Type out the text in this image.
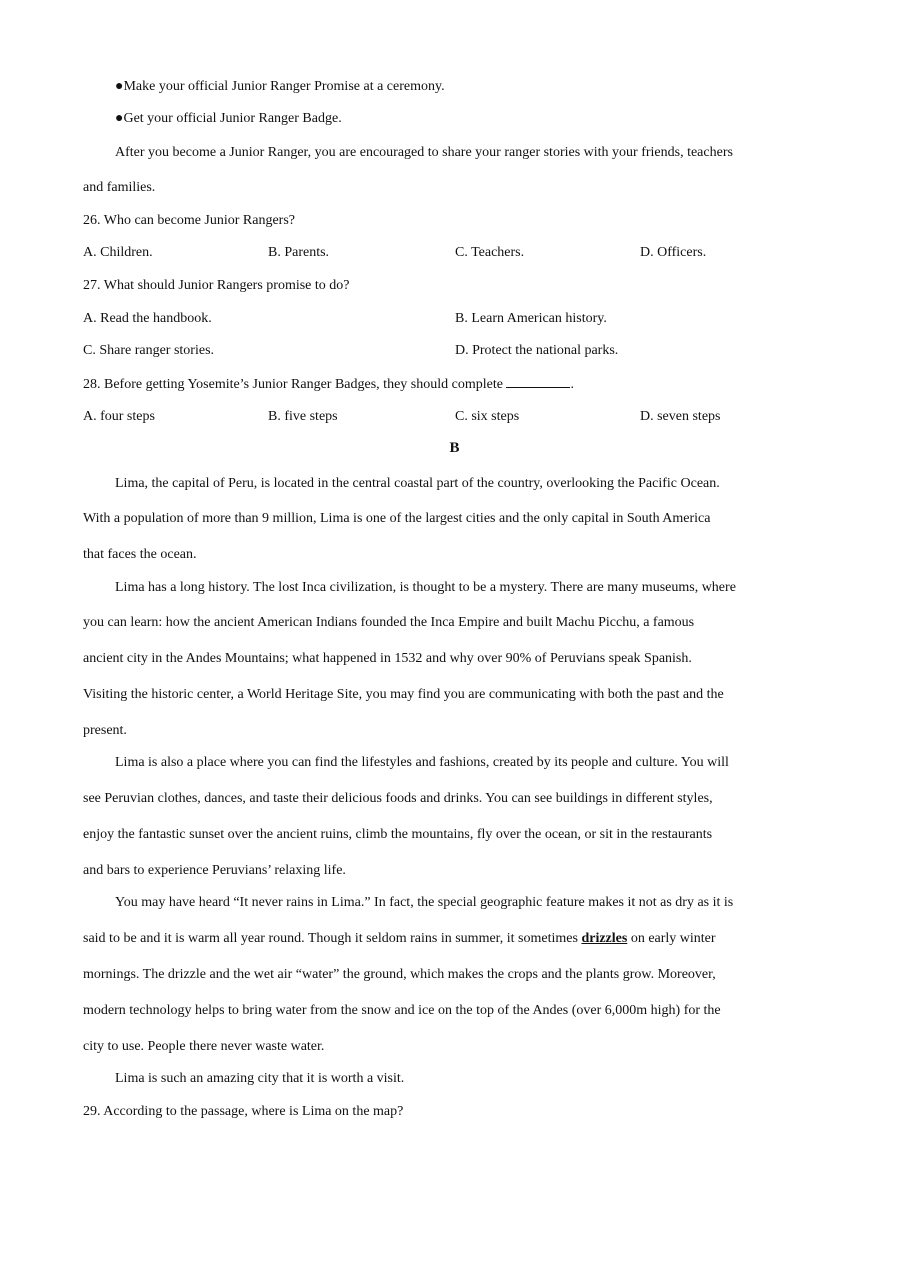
●Make your official Junior Ranger Promise at a ceremony.
●Get your official Junior Ranger Badge.
After you become a Junior Ranger, you are encouraged to share your ranger stories with your friends, teachers
and families.
26. Who can become Junior Rangers?
A. Children.	B. Parents.	C. Teachers.	D. Officers.
27. What should Junior Rangers promise to do?
A. Read the handbook.	B. Learn American history.
C. Share ranger stories.	D. Protect the national parks.
28. Before getting Yosemite’s Junior Ranger Badges, they should complete	.
A. four steps	B. five steps	C. six steps	D. seven steps
B
Lima, the capital of Peru, is located in the central coastal part of the country, overlooking the Pacific Ocean.
With a population of more than 9 million, Lima is one of the largest cities and the only capital in South America
that faces the ocean.
Lima has a long history. The lost Inca civilization, is thought to be a mystery. There are many museums, where
you can learn: how the ancient American Indians founded the Inca Empire and built Machu Picchu, a famous
ancient city in the Andes Mountains; what happened in 1532 and why over 90% of Peruvians speak Spanish.
Visiting the historic center, a World Heritage Site, you may find you are communicating with both the past and the
present.
Lima is also a place where you can find the lifestyles and fashions, created by its people and culture. You will
see Peruvian clothes, dances, and taste their delicious foods and drinks. You can see buildings in different styles,
enjoy the fantastic sunset over the ancient ruins, climb the mountains, fly over the ocean, or sit in the restaurants
and bars to experience Peruvians’ relaxing life.
You may have heard “It never rains in Lima.” In fact, the special geographic feature makes it not as dry as it is
said to be and it is warm all year round. Though it seldom rains in summer, it sometimes drizzles on early winter
mornings. The drizzle and the wet air “water” the ground, which makes the crops and the plants grow. Moreover,
modern technology helps to bring water from the snow and ice on the top of the Andes (over 6,000m high) for the
city to use. People there never waste water.
Lima is such an amazing city that it is worth a visit.
29. According to the passage, where is Lima on the map?
